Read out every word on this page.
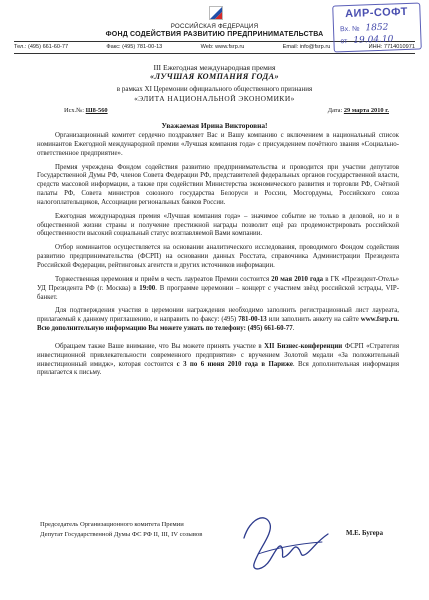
РОССИЙСКАЯ ФЕДЕРАЦИЯ
ФОНД СОДЕЙСТВИЯ РАЗВИТИЮ ПРЕДПРИНИМАТЕЛЬСТВА
Тел.: (495) 661-60-77	Факс: (495) 781-00-13	Web: www.fsrp.ru	Email: info@fsrp.ru	ИНН: 7714010971
АИР-СОФТ
Вх. № 1852
от 19.04.10
III Ежегодная международная премия
«ЛУЧШАЯ КОМПАНИЯ ГОДА»
в рамках XI Церемонии официального общественного признания
«ЭЛИТА НАЦИОНАЛЬНОЙ ЭКОНОМИКИ»
Исх.№: Ш8-560	Дата: 29 марта 2010 г.
Уважаемая Ирина Викторовна!

Организационный комитет сердечно поздравляет Вас и Вашу компанию с включением в национальный список номинантов Ежегодной международной премии «Лучшая компания года» с присуждением почётного звания «Социально-ответственное предприятие».

Премия учреждена Фондом содействия развитию предпринимательства и проводится при участии депутатов Государственной Думы РФ, членов Совета Федерации РФ, представителей федеральных органов государственной власти, средств массовой информации, а также при содействии Министерства экономического развития и торговли РФ, Счётной палаты РФ, Совета министров союзного государства Белоруси и России, Мосгордумы, Российского союза налогоплательщиков, Ассоциации региональных банков России.

Ежегодная международная премия «Лучшая компания года» – значимое событие не только в деловой, но и в общественной жизни страны и получение престижной награды позволит ещё раз продемонстрировать российской общественности высокий социальный статус возглавляемой Вами компании.

Отбор номинантов осуществляется на основании аналитического исследования, проводимого Фондом содействия развитию предпринимательства (ФСРП) на основании данных Росстата, справочника Администрации Президента Российской Федерации, рейтинговых агентств и других источников информации.

Торжественная церемония и приём в честь лауреатов Премии состоится 20 мая 2010 года в ГК «Президент-Отель» УД Президента РФ (г. Москва) в 19:00. В программе церемонии – концерт с участием звёзд российской эстрады, VIP-банкет.

Для подтверждения участия в церемонии награждения необходимо заполнить регистрационный лист лауреата, прилагаемый к данному приглашению, и направить по факсу: (495) 781-00-13 или заполнить анкету на сайте www.fsrp.ru. Всю дополнительную информацию Вы можете узнать по телефону: (495) 661-60-77.

Обращаем также Ваше внимание, что Вы можете принять участие в XII Бизнес-конференции ФСРП «Стратегия инвестиционной привлекательности современного предприятия» с вручением Золотой медали «За положительный инвестиционный имидж», которая состоится с 3 по 6 июня 2010 года в Париже. Вся дополнительная информация прилагается к письму.

Председатель Организационного комитета Премии
Депутат Государственной Думы ФС РФ II, III, IV созывов	М.Е. Бугера
